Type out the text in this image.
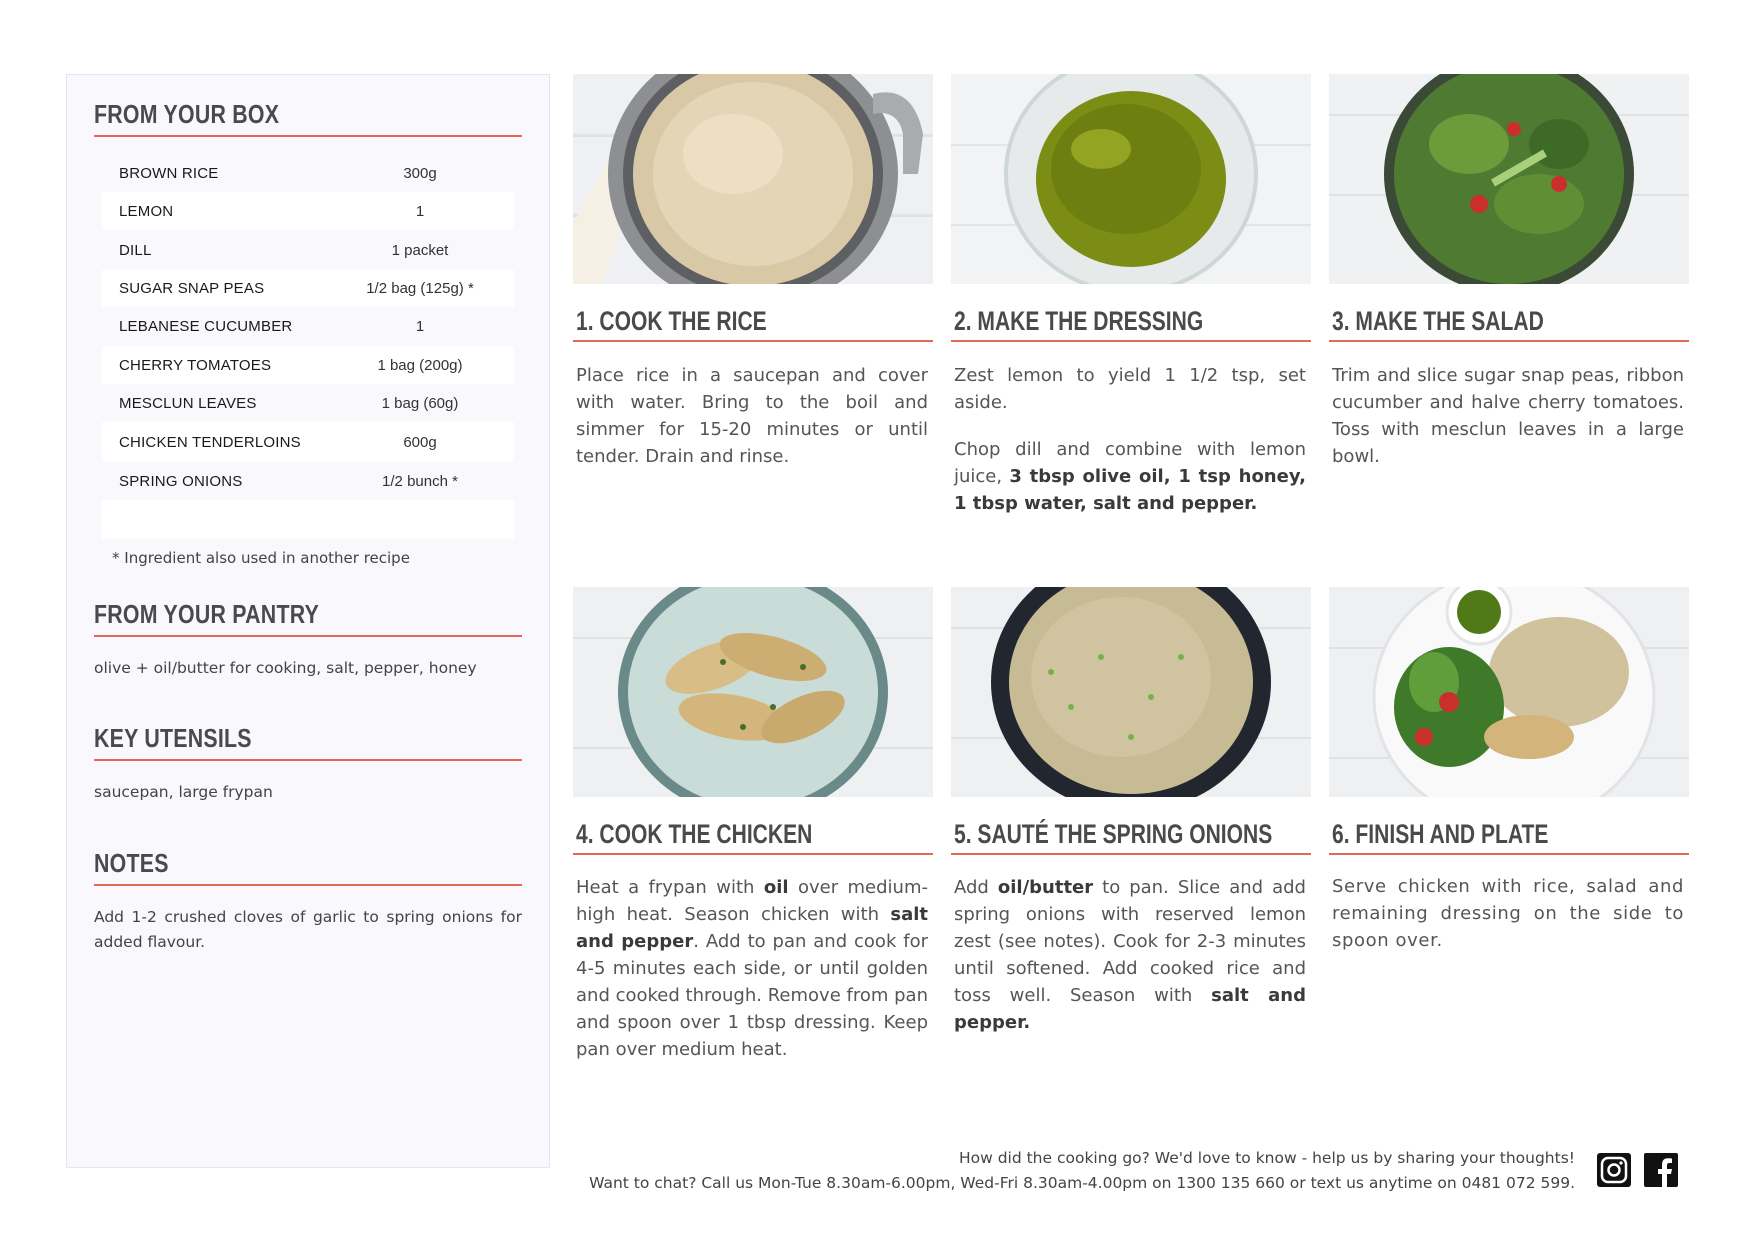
FROM YOUR BOX
BROWN RICE	300g
LEMON	1
DILL	1 packet
SUGAR SNAP PEAS	1/2 bag (125g) *
LEBANESE CUCUMBER	1
CHERRY TOMATOES	1 bag (200g)
MESCLUN LEAVES	1 bag (60g)
CHICKEN TENDERLOINS	600g
SPRING ONIONS	1/2 bunch *
* Ingredient also used in another recipe
FROM YOUR PANTRY
olive + oil/butter for cooking, salt, pepper, honey
KEY UTENSILS
saucepan, large frypan
NOTES
Add 1-2 crushed cloves of garlic to spring onions for added flavour.
1. COOK THE RICE
Place rice in a saucepan and cover with water. Bring to the boil and simmer for 15-20 minutes or until tender. Drain and rinse.
2. MAKE THE DRESSING

Zest lemon to yield 1 1/2 tsp, set aside.

Chop dill and combine with lemon juice, 3 tbsp olive oil, 1 tsp honey, 1 tbsp water, salt and pepper.

3. MAKE THE SALAD
Trim and slice sugar snap peas, ribbon cucumber and halve cherry tomatoes. Toss with mesclun leaves in a large bowl.
4. COOK THE CHICKEN
Heat a frypan with oil over medium-high heat. Season chicken with salt and pepper. Add to pan and cook for 4-5 minutes each side, or until golden and cooked through. Remove from pan and spoon over 1 tbsp dressing. Keep pan over medium heat.
5. SAUTÉ THE SPRING ONIONS
Add oil/butter to pan. Slice and add spring onions with reserved lemon zest (see notes). Cook for 2-3 minutes until softened. Add cooked rice and toss well. Season with salt and pepper.
6. FINISH AND PLATE
Serve chicken with rice, salad and remaining dressing on the side to spoon over.
How did the cooking go? We'd love to know - help us by sharing your thoughts!
Want to chat? Call us Mon-Tue 8.30am-6.00pm, Wed-Fri 8.30am-4.00pm on 1300 135 660 or text us anytime on 0481 072 599.
